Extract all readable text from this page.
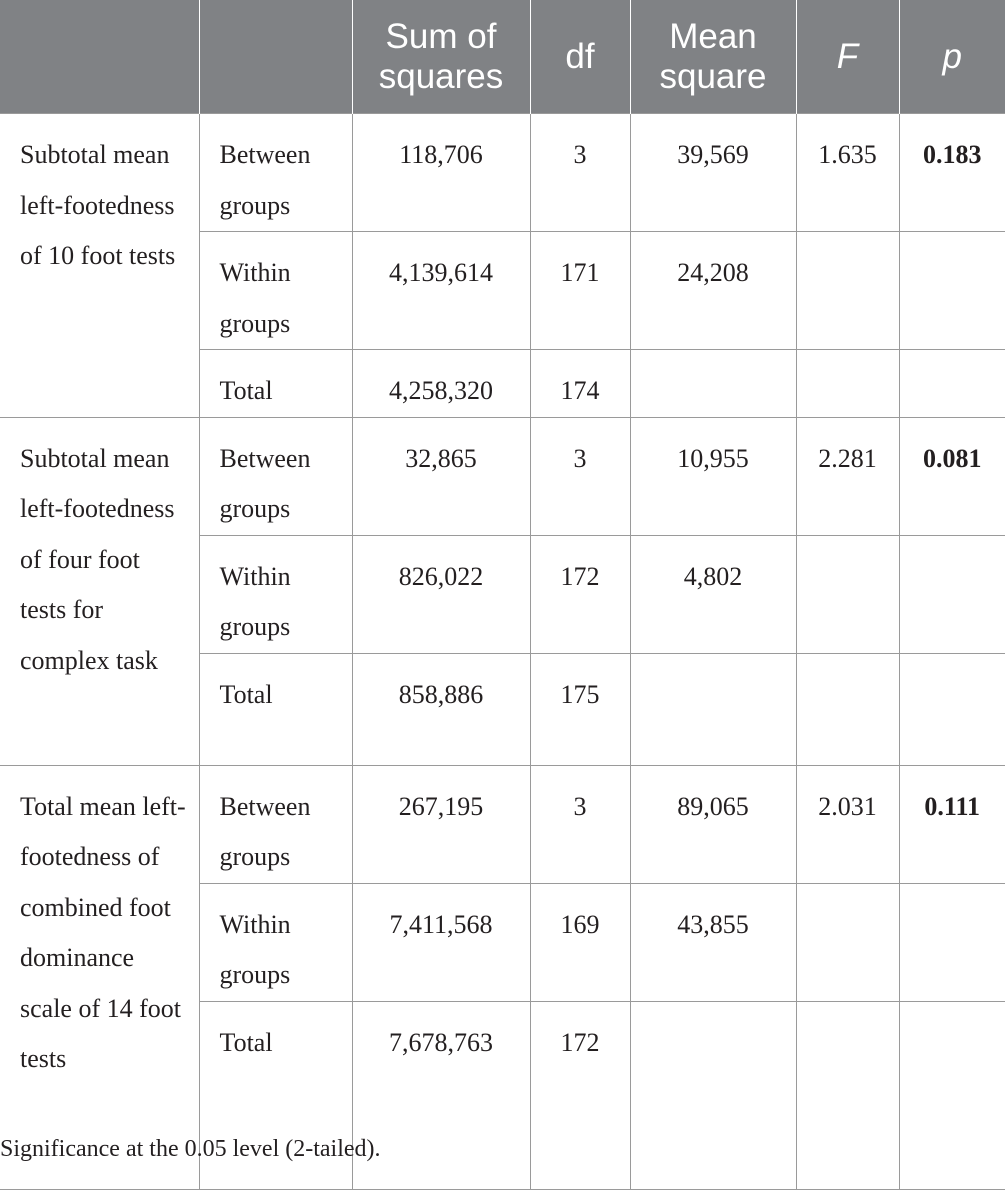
		Sum of squares	df	Mean square	F	p
Subtotal mean left-footedness of 10 foot tests	Between groups	118,706	3	39,569	1.635	0.183
	Within groups	4,139,614	171	24,208		
	Total	4,258,320	174			
Subtotal mean left-footedness of four foot tests for complex task	Between groups	32,865	3	10,955	2.281	0.081
	Within groups	826,022	172	4,802		
	Total	858,886	175			
Total mean left-footedness of combined foot dominance scale of 14 foot tests	Between groups	267,195	3	89,065	2.031	0.111
	Within groups	7,411,568	169	43,855		
	Total	7,678,763	172			

Significance at the 0.05 level (2-tailed).
